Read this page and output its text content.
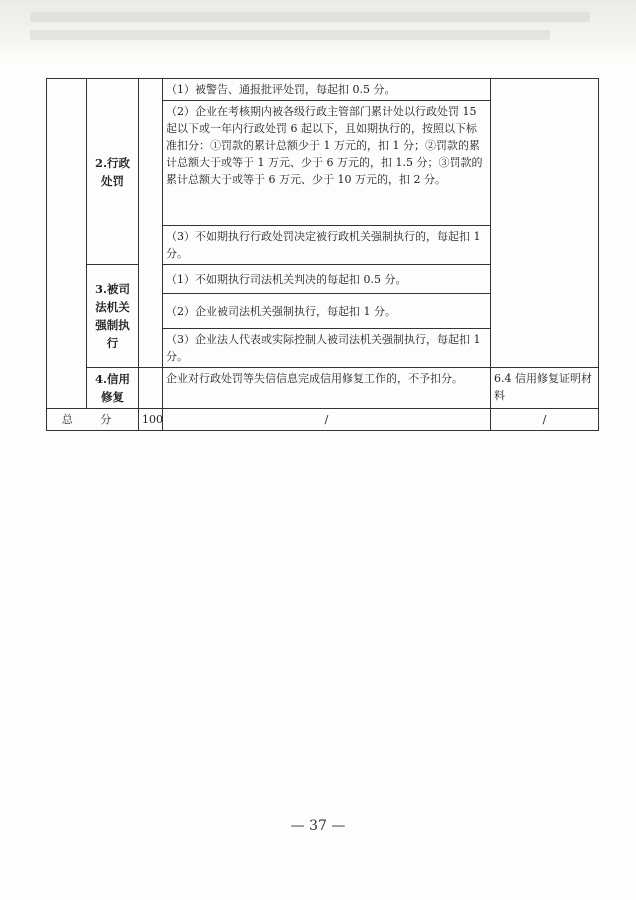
	2.行政处罚		（1）被警告、通报批评处罚，每起扣 0.5 分。	

			（2）企业在考核期内被各级行政主管部门累计处以行政处罚 15 起以下或一年内行政处罚 6 起以下，且如期执行的，按照以下标准扣分：①罚款的累计总额少于 1 万元的，扣 1 分；②罚款的累计总额大于或等于 1 万元、少于 6 万元的，扣 1.5 分；③罚款的累计总额大于或等于 6 万元、少于 10 万元的，扣 2 分。	

			（3）不如期执行行政处罚决定被行政机关强制执行的，每起扣 1 分。	

	3.被司法机关强制执行		（1）不如期执行司法机关判决的每起扣 0.5 分。	

			（2）企业被司法机关强制执行，每起扣 1 分。	

			（3）企业法人代表或实际控制人被司法机关强制执行，每起扣 1 分。	

	4.信用修复		企业对行政处罚等失信信息完成信用修复工作的，不予扣分。	6.4 信用修复证明材料

总 分		100	/	/
— 37 —
